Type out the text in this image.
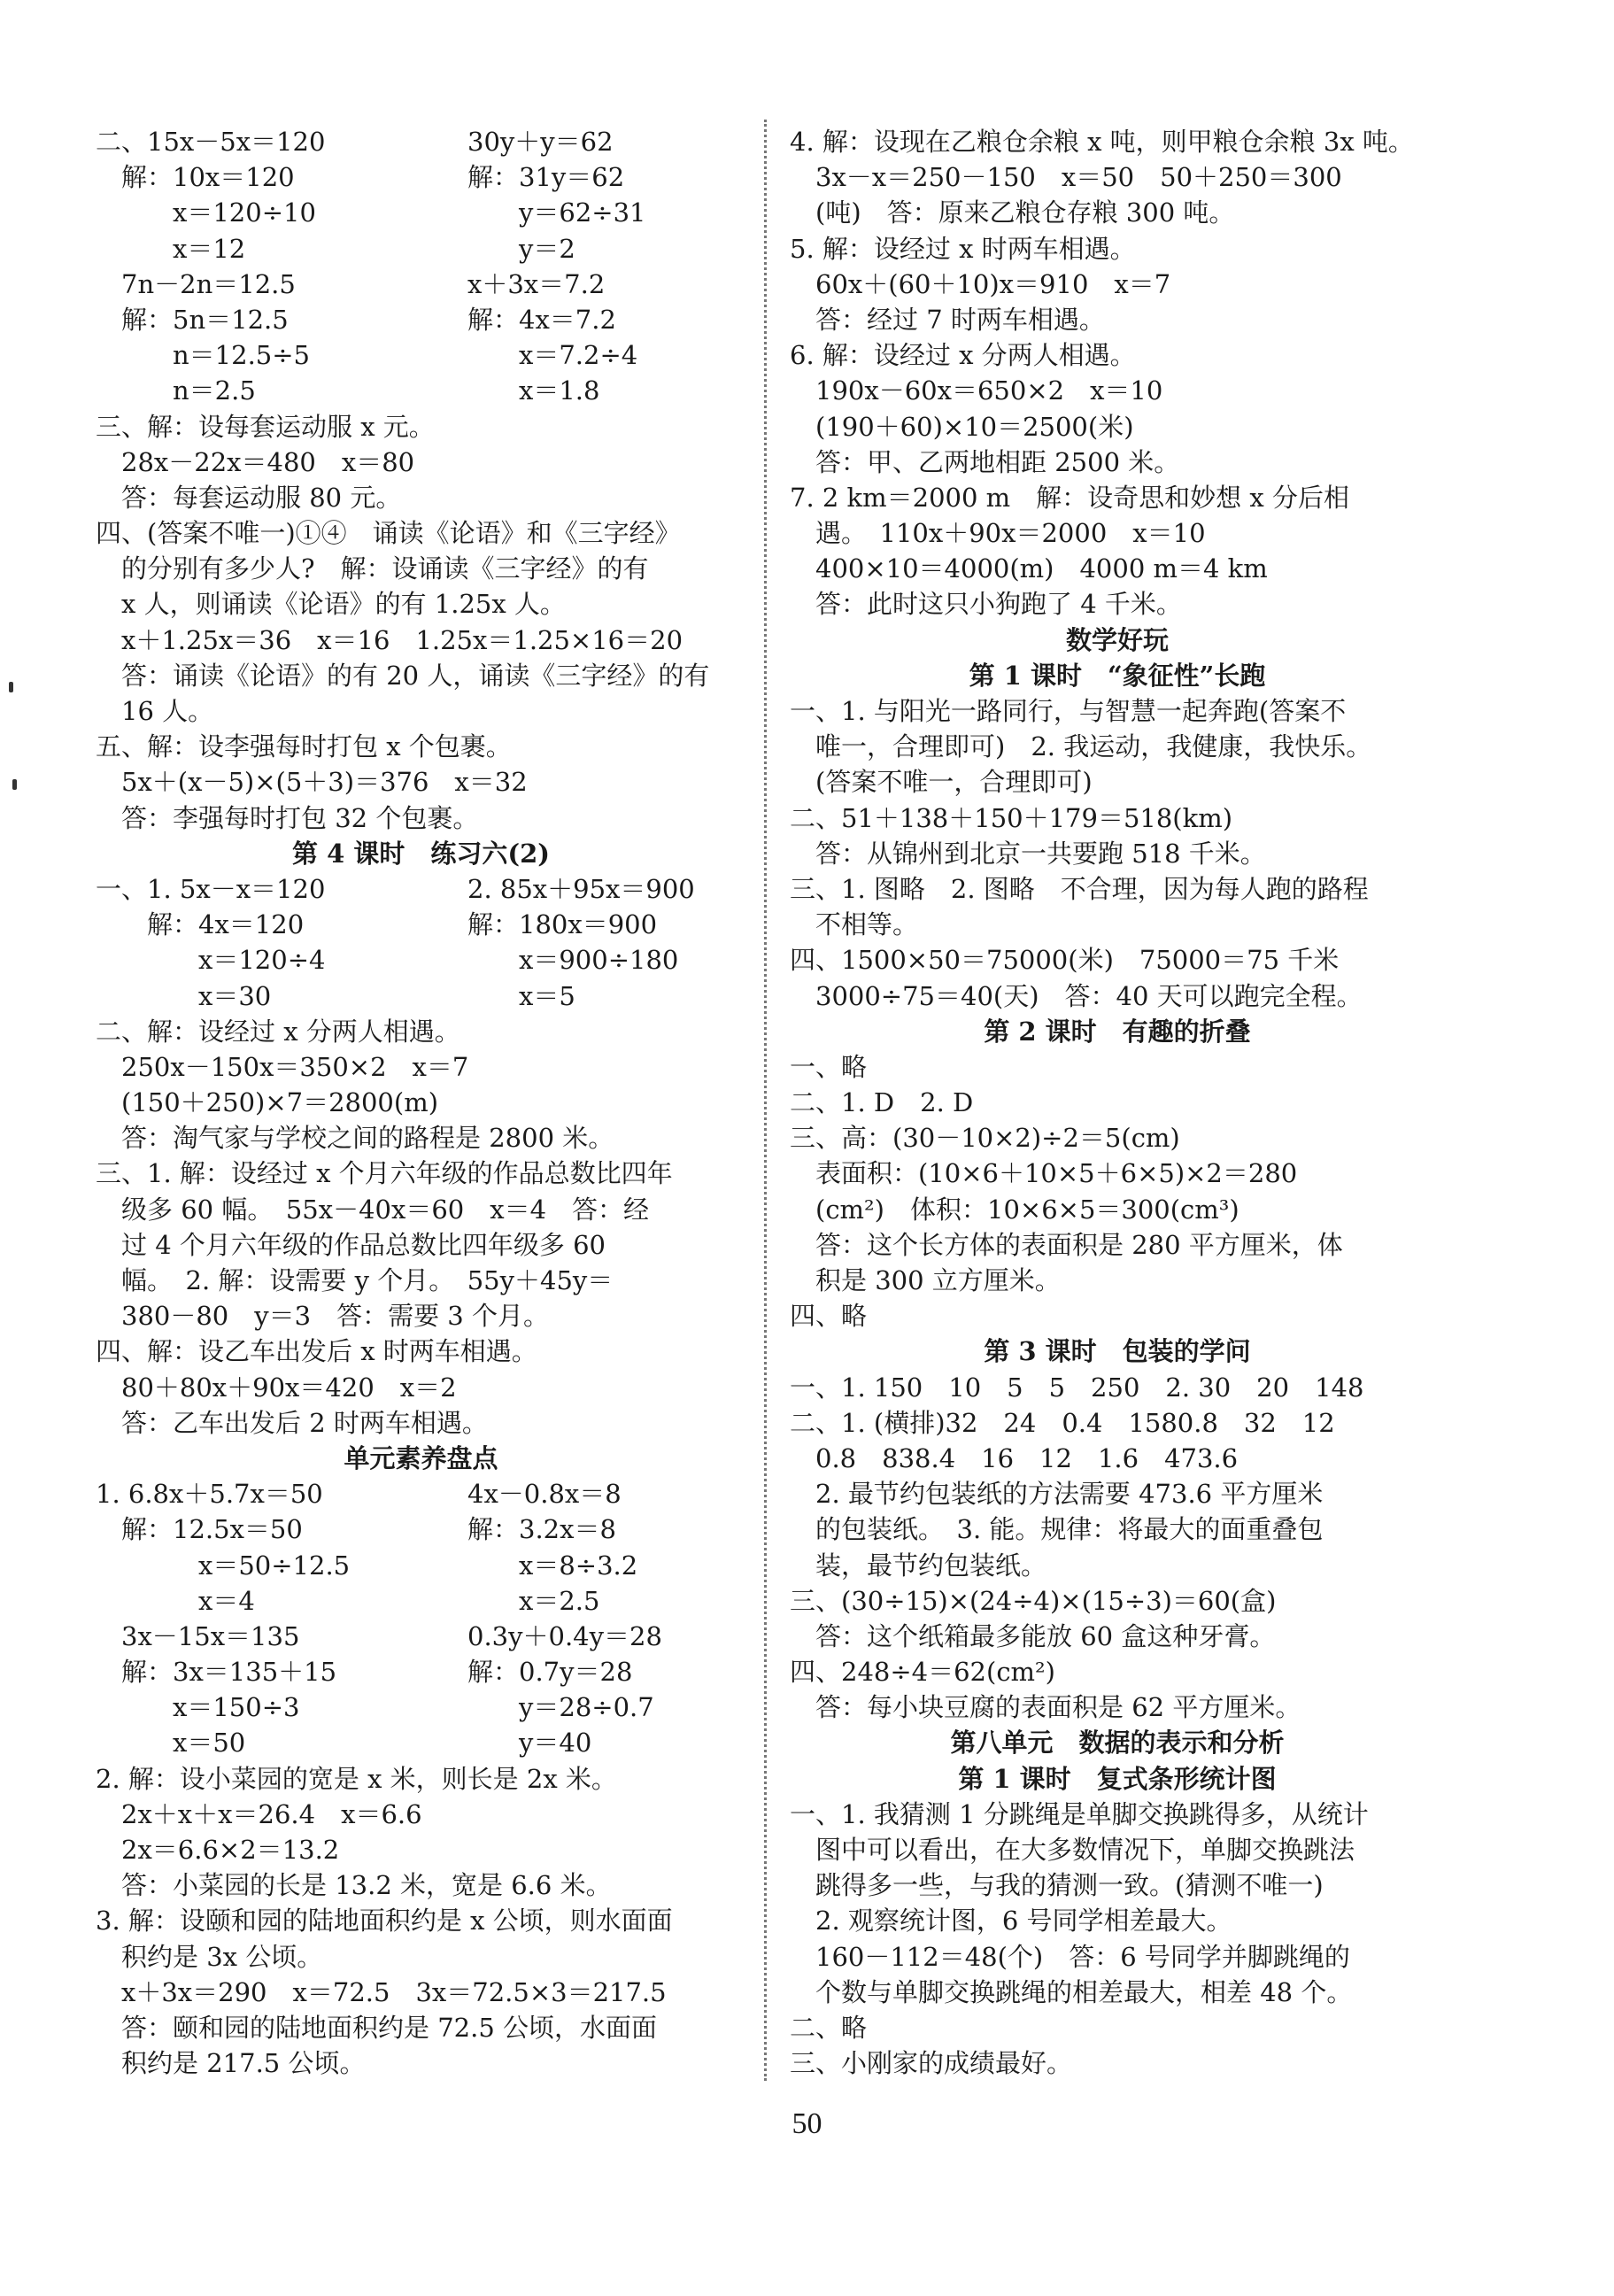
二、15x－5x＝120	30y＋y＝62
　解：10x＝120	解：31y＝62
　　　x＝120÷10	　　y＝62÷31
　　　x＝12	　　y＝2
　7n－2n＝12.5	x＋3x＝7.2
　解：5n＝12.5	解：4x＝7.2
　　　n＝12.5÷5	　　x＝7.2÷4
　　　n＝2.5	　　x＝1.8
三、解：设每套运动服 x 元。
　28x－22x＝480　x＝80
　答：每套运动服 80 元。
四、(答案不唯一)①④　诵读《论语》和《三字经》
　的分别有多少人?　解：设诵读《三字经》的有
　x 人，则诵读《论语》的有 1.25x 人。
　x＋1.25x＝36　x＝16　1.25x＝1.25×16＝20
　答：诵读《论语》的有 20 人，诵读《三字经》的有
　16 人。
五、解：设李强每时打包 x 个包裹。
　5x＋(x－5)×(5＋3)＝376　x＝32
　答：李强每时打包 32 个包裹。
第 4 课时　练习六(2)
一、1. 5x－x＝120	2. 85x＋95x＝900
　　解：4x＝120	解：180x＝900
　　　　x＝120÷4	　　x＝900÷180
　　　　x＝30	　　x＝5
二、解：设经过 x 分两人相遇。
　250x－150x＝350×2　x＝7
　(150＋250)×7＝2800(m)
　答：淘气家与学校之间的路程是 2800 米。
三、1. 解：设经过 x 个月六年级的作品总数比四年
　级多 60 幅。　55x－40x＝60　x＝4　答：经
　过 4 个月六年级的作品总数比四年级多 60
　幅。　2. 解：设需要 y 个月。　55y＋45y＝
　380－80　y＝3　答：需要 3 个月。
四、解：设乙车出发后 x 时两车相遇。
　80＋80x＋90x＝420　x＝2
　答：乙车出发后 2 时两车相遇。
单元素养盘点
1. 6.8x＋5.7x＝50	4x－0.8x＝8
　解：12.5x＝50	解：3.2x＝8
　　　　x＝50÷12.5	　　x＝8÷3.2
　　　　x＝4	　　x＝2.5
　3x－15x＝135	0.3y＋0.4y＝28
　解：3x＝135＋15	解：0.7y＝28
　　　x＝150÷3	　　y＝28÷0.7
　　　x＝50	　　y＝40
2. 解：设小菜园的宽是 x 米，则长是 2x 米。
　2x＋x＋x＝26.4　x＝6.6
　2x＝6.6×2＝13.2
　答：小菜园的长是 13.2 米，宽是 6.6 米。
3. 解：设颐和园的陆地面积约是 x 公顷，则水面面
　积约是 3x 公顷。
　x＋3x＝290　x＝72.5　3x＝72.5×3＝217.5
　答：颐和园的陆地面积约是 72.5 公顷，水面面
　积约是 217.5 公顷。
4. 解：设现在乙粮仓余粮 x 吨，则甲粮仓余粮 3x 吨。
　3x－x＝250－150　x＝50　50＋250＝300
　(吨)　答：原来乙粮仓存粮 300 吨。
5. 解：设经过 x 时两车相遇。
　60x＋(60＋10)x＝910　x＝7
　答：经过 7 时两车相遇。
6. 解：设经过 x 分两人相遇。
　190x－60x＝650×2　x＝10
　(190＋60)×10＝2500(米)
　答：甲、乙两地相距 2500 米。
7. 2 km＝2000 m　解：设奇思和妙想 x 分后相
　遇。　110x＋90x＝2000　x＝10
　400×10＝4000(m)　4000 m＝4 km
　答：此时这只小狗跑了 4 千米。
数学好玩
第 1 课时　“象征性”长跑
一、1. 与阳光一路同行，与智慧一起奔跑(答案不
　唯一，合理即可)　2. 我运动，我健康，我快乐。
　(答案不唯一，合理即可)
二、51＋138＋150＋179＝518(km)
　答：从锦州到北京一共要跑 518 千米。
三、1. 图略　2. 图略　不合理，因为每人跑的路程
　不相等。
四、1500×50＝75000(米)　75000＝75 千米
　3000÷75＝40(天)　答：40 天可以跑完全程。
第 2 课时　有趣的折叠
一、略
二、1. D　2. D
三、高：(30－10×2)÷2＝5(cm)
　表面积：(10×6＋10×5＋6×5)×2＝280
　(cm²)　体积：10×6×5＝300(cm³)
　答：这个长方体的表面积是 280 平方厘米，体
　积是 300 立方厘米。
四、略
第 3 课时　包装的学问
一、1. 150　10　5　5　250　2. 30　20　148
二、1. (横排)32　24　0.4　1580.8　32　12
　0.8　838.4　16　12　1.6　473.6
　2. 最节约包装纸的方法需要 473.6 平方厘米
　的包装纸。　3. 能。规律：将最大的面重叠包
　装，最节约包装纸。
三、(30÷15)×(24÷4)×(15÷3)＝60(盒)
　答：这个纸箱最多能放 60 盒这种牙膏。
四、248÷4＝62(cm²)
　答：每小块豆腐的表面积是 62 平方厘米。
第八单元　数据的表示和分析
第 1 课时　复式条形统计图
一、1. 我猜测 1 分跳绳是单脚交换跳得多，从统计
　图中可以看出，在大多数情况下，单脚交换跳法
　跳得多一些，与我的猜测一致。(猜测不唯一)
　2. 观察统计图，6 号同学相差最大。
　160－112＝48(个)　答：6 号同学并脚跳绳的
　个数与单脚交换跳绳的相差最大，相差 48 个。
二、略
三、小刚家的成绩最好。
50
